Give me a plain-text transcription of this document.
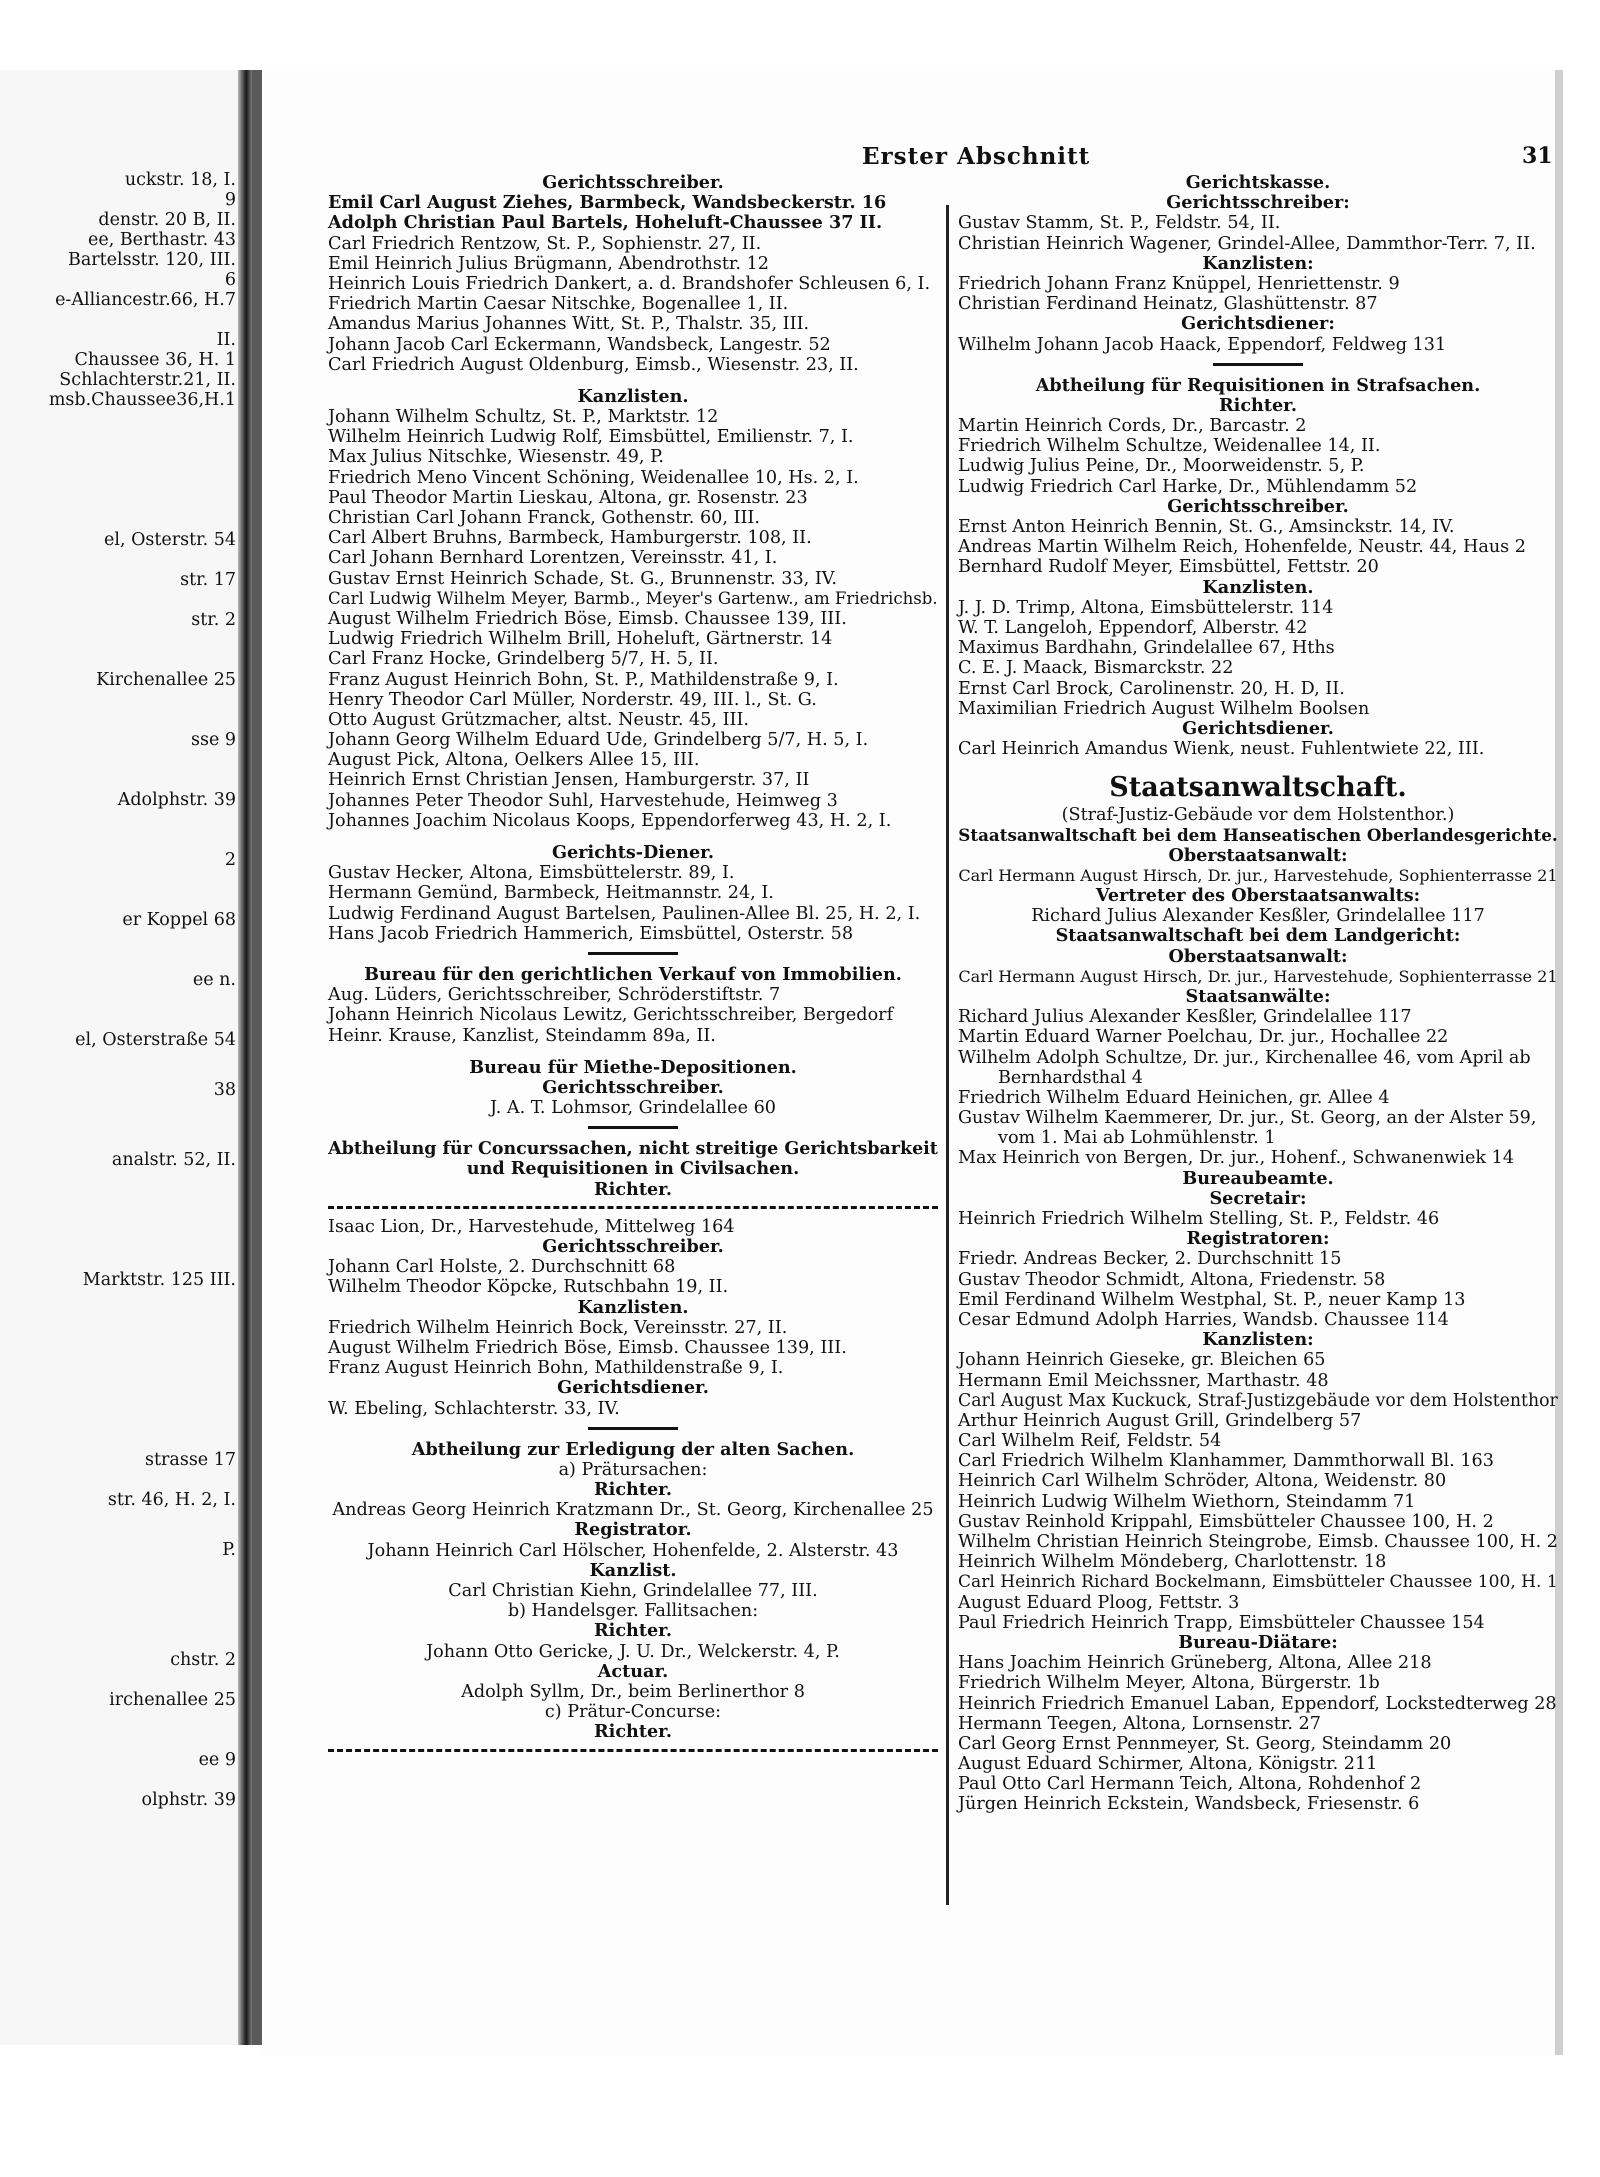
uckstr. 18, I.
9
denstr. 20 B, II.
ee, Berthastr. 43
Bartelsstr. 120, III.
6
e-Alliancestr.66, H.7
II.
Chaussee 36, H. 1
Schlachterstr.21, II.
msb.Chaussee36,H.1
el, Osterstr. 54
str. 17
str. 2
Kirchenallee 25
sse 9
Adolphstr. 39
2
er Koppel 68
ee n.
el, Osterstraße 54
38
analstr. 52, II.
Marktstr. 125 III.
strasse 17
str. 46, H. 2, I.
P.
chstr. 2
irchenallee 25
ee 9
olphstr. 39
Erster Abschnitt	31
Gerichtsschreiber.
Emil Carl August Ziehes, Barmbeck, Wandsbeckerstr. 16
Adolph Christian Paul Bartels, Hoheluft-Chaussee 37 II.
Carl Friedrich Rentzow, St. P., Sophienstr. 27, II.
Emil Heinrich Julius Brügmann, Abendrothstr. 12
Heinrich Louis Friedrich Dankert, a. d. Brandshofer Schleusen 6, I.
Friedrich Martin Caesar Nitschke, Bogenallee 1, II.
Amandus Marius Johannes Witt, St. P., Thalstr. 35, III.
Johann Jacob Carl Eckermann, Wandsbeck, Langestr. 52
Carl Friedrich August Oldenburg, Eimsb., Wiesenstr. 23, II.
Kanzlisten.
Johann Wilhelm Schultz, St. P., Marktstr. 12
Wilhelm Heinrich Ludwig Rolf, Eimsbüttel, Emilienstr. 7, I.
Max Julius Nitschke, Wiesenstr. 49, P.
Friedrich Meno Vincent Schöning, Weidenallee 10, Hs. 2, I.
Paul Theodor Martin Lieskau, Altona, gr. Rosenstr. 23
Christian Carl Johann Franck, Gothenstr. 60, III.
Carl Albert Bruhns, Barmbeck, Hamburgerstr. 108, II.
Carl Johann Bernhard Lorentzen, Vereinsstr. 41, I.
Gustav Ernst Heinrich Schade, St. G., Brunnenstr. 33, IV.
Carl Ludwig Wilhelm Meyer, Barmb., Meyer's Gartenw., am Friedrichsb.
August Wilhelm Friedrich Böse, Eimsb. Chaussee 139, III.
Ludwig Friedrich Wilhelm Brill, Hoheluft, Gärtnerstr. 14
Carl Franz Hocke, Grindelberg 5/7, H. 5, II.
Franz August Heinrich Bohn, St. P., Mathildenstraße 9, I.
Henry Theodor Carl Müller, Norderstr. 49, III. l., St. G.
Otto August Grützmacher, altst. Neustr. 45, III.
Johann Georg Wilhelm Eduard Ude, Grindelberg 5/7, H. 5, I.
August Pick, Altona, Oelkers Allee 15, III.
Heinrich Ernst Christian Jensen, Hamburgerstr. 37, II
Johannes Peter Theodor Suhl, Harvestehude, Heimweg 3
Johannes Joachim Nicolaus Koops, Eppendorferweg 43, H. 2, I.
Gerichts-Diener.
Gustav Hecker, Altona, Eimsbüttelerstr. 89, I.
Hermann Gemünd, Barmbeck, Heitmannstr. 24, I.
Ludwig Ferdinand August Bartelsen, Paulinen-Allee Bl. 25, H. 2, I.
Hans Jacob Friedrich Hammerich, Eimsbüttel, Osterstr. 58
Bureau für den gerichtlichen Verkauf von Immobilien.
Aug. Lüders, Gerichtsschreiber, Schröderstiftstr. 7
Johann Heinrich Nicolaus Lewitz, Gerichtsschreiber, Bergedorf
Heinr. Krause, Kanzlist, Steindamm 89a, II.
Bureau für Miethe-Depositionen.
Gerichtsschreiber.
J. A. T. Lohmsor, Grindelallee 60
Abtheilung für Concurssachen, nicht streitige Gerichtsbarkeit
und Requisitionen in Civilsachen.
Richter.
Isaac Lion, Dr., Harvestehude, Mittelweg 164
Gerichtsschreiber.
Johann Carl Holste, 2. Durchschnitt 68
Wilhelm Theodor Köpcke, Rutschbahn 19, II.
Kanzlisten.
Friedrich Wilhelm Heinrich Bock, Vereinsstr. 27, II.
August Wilhelm Friedrich Böse, Eimsb. Chaussee 139, III.
Franz August Heinrich Bohn, Mathildenstraße 9, I.
Gerichtsdiener.
W. Ebeling, Schlachterstr. 33, IV.
Abtheilung zur Erledigung der alten Sachen.
a) Prätursachen:
Richter.
Andreas Georg Heinrich Kratzmann Dr., St. Georg, Kirchenallee 25
Registrator.
Johann Heinrich Carl Hölscher, Hohenfelde, 2. Alsterstr. 43
Kanzlist.
Carl Christian Kiehn, Grindelallee 77, III.
b) Handelsger. Fallitsachen:
Richter.
Johann Otto Gericke, J. U. Dr., Welckerstr. 4, P.
Actuar.
Adolph Syllm, Dr., beim Berlinerthor 8
c) Prätur-Concurse:
Richter.
Gerichtskasse.
Gerichtsschreiber:
Gustav Stamm, St. P., Feldstr. 54, II.
Christian Heinrich Wagener, Grindel-Allee, Dammthor-Terr. 7, II.
Kanzlisten:
Friedrich Johann Franz Knüppel, Henriettenstr. 9
Christian Ferdinand Heinatz, Glashüttenstr. 87
Gerichtsdiener:
Wilhelm Johann Jacob Haack, Eppendorf, Feldweg 131
Abtheilung für Requisitionen in Strafsachen.
Richter.
Martin Heinrich Cords, Dr., Barcastr. 2
Friedrich Wilhelm Schultze, Weidenallee 14, II.
Ludwig Julius Peine, Dr., Moorweidenstr. 5, P.
Ludwig Friedrich Carl Harke, Dr., Mühlendamm 52
Gerichtsschreiber.
Ernst Anton Heinrich Bennin, St. G., Amsinckstr. 14, IV.
Andreas Martin Wilhelm Reich, Hohenfelde, Neustr. 44, Haus 2
Bernhard Rudolf Meyer, Eimsbüttel, Fettstr. 20
Kanzlisten.
J. J. D. Trimp, Altona, Eimsbüttelerstr. 114
W. T. Langeloh, Eppendorf, Alberstr. 42
Maximus Bardhahn, Grindelallee 67, Hths
C. E. J. Maack, Bismarckstr. 22
Ernst Carl Brock, Carolinenstr. 20, H. D, II.
Maximilian Friedrich August Wilhelm Boolsen
Gerichtsdiener.
Carl Heinrich Amandus Wienk, neust. Fuhlentwiete 22, III.
Staatsanwaltschaft.
(Straf-Justiz-Gebäude vor dem Holstenthor.)
Staatsanwaltschaft bei dem Hanseatischen Oberlandesgerichte.
Oberstaatsanwalt:
Carl Hermann August Hirsch, Dr. jur., Harvestehude, Sophienterrasse 21
Vertreter des Oberstaatsanwalts:
Richard Julius Alexander Kesßler, Grindelallee 117
Staatsanwaltschaft bei dem Landgericht:
Oberstaatsanwalt:
Carl Hermann August Hirsch, Dr. jur., Harvestehude, Sophienterrasse 21
Staatsanwälte:
Richard Julius Alexander Kesßler, Grindelallee 117
Martin Eduard Warner Poelchau, Dr. jur., Hochallee 22
Wilhelm Adolph Schultze, Dr. jur., Kirchenallee 46, vom April ab
Bernhardsthal 4
Friedrich Wilhelm Eduard Heinichen, gr. Allee 4
Gustav Wilhelm Kaemmerer, Dr. jur., St. Georg, an der Alster 59,
vom 1. Mai ab Lohmühlenstr. 1
Max Heinrich von Bergen, Dr. jur., Hohenf., Schwanenwiek 14
Bureaubeamte.
Secretair:
Heinrich Friedrich Wilhelm Stelling, St. P., Feldstr. 46
Registratoren:
Friedr. Andreas Becker, 2. Durchschnitt 15
Gustav Theodor Schmidt, Altona, Friedenstr. 58
Emil Ferdinand Wilhelm Westphal, St. P., neuer Kamp 13
Cesar Edmund Adolph Harries, Wandsb. Chaussee 114
Kanzlisten:
Johann Heinrich Gieseke, gr. Bleichen 65
Hermann Emil Meichssner, Marthastr. 48
Carl August Max Kuckuck, Straf-Justizgebäude vor dem Holstenthor
Arthur Heinrich August Grill, Grindelberg 57
Carl Wilhelm Reif, Feldstr. 54
Carl Friedrich Wilhelm Klanhammer, Dammthorwall Bl. 163
Heinrich Carl Wilhelm Schröder, Altona, Weidenstr. 80
Heinrich Ludwig Wilhelm Wiethorn, Steindamm 71
Gustav Reinhold Krippahl, Eimsbütteler Chaussee 100, H. 2
Wilhelm Christian Heinrich Steingrobe, Eimsb. Chaussee 100, H. 2
Heinrich Wilhelm Möndeberg, Charlottenstr. 18
Carl Heinrich Richard Bockelmann, Eimsbütteler Chaussee 100, H. 1
August Eduard Ploog, Fettstr. 3
Paul Friedrich Heinrich Trapp, Eimsbütteler Chaussee 154
Bureau-Diätare:
Hans Joachim Heinrich Grüneberg, Altona, Allee 218
Friedrich Wilhelm Meyer, Altona, Bürgerstr. 1b
Heinrich Friedrich Emanuel Laban, Eppendorf, Lockstedterweg 28
Hermann Teegen, Altona, Lornsenstr. 27
Carl Georg Ernst Pennmeyer, St. Georg, Steindamm 20
August Eduard Schirmer, Altona, Königstr. 211
Paul Otto Carl Hermann Teich, Altona, Rohdenhof 2
Jürgen Heinrich Eckstein, Wandsbeck, Friesenstr. 6
